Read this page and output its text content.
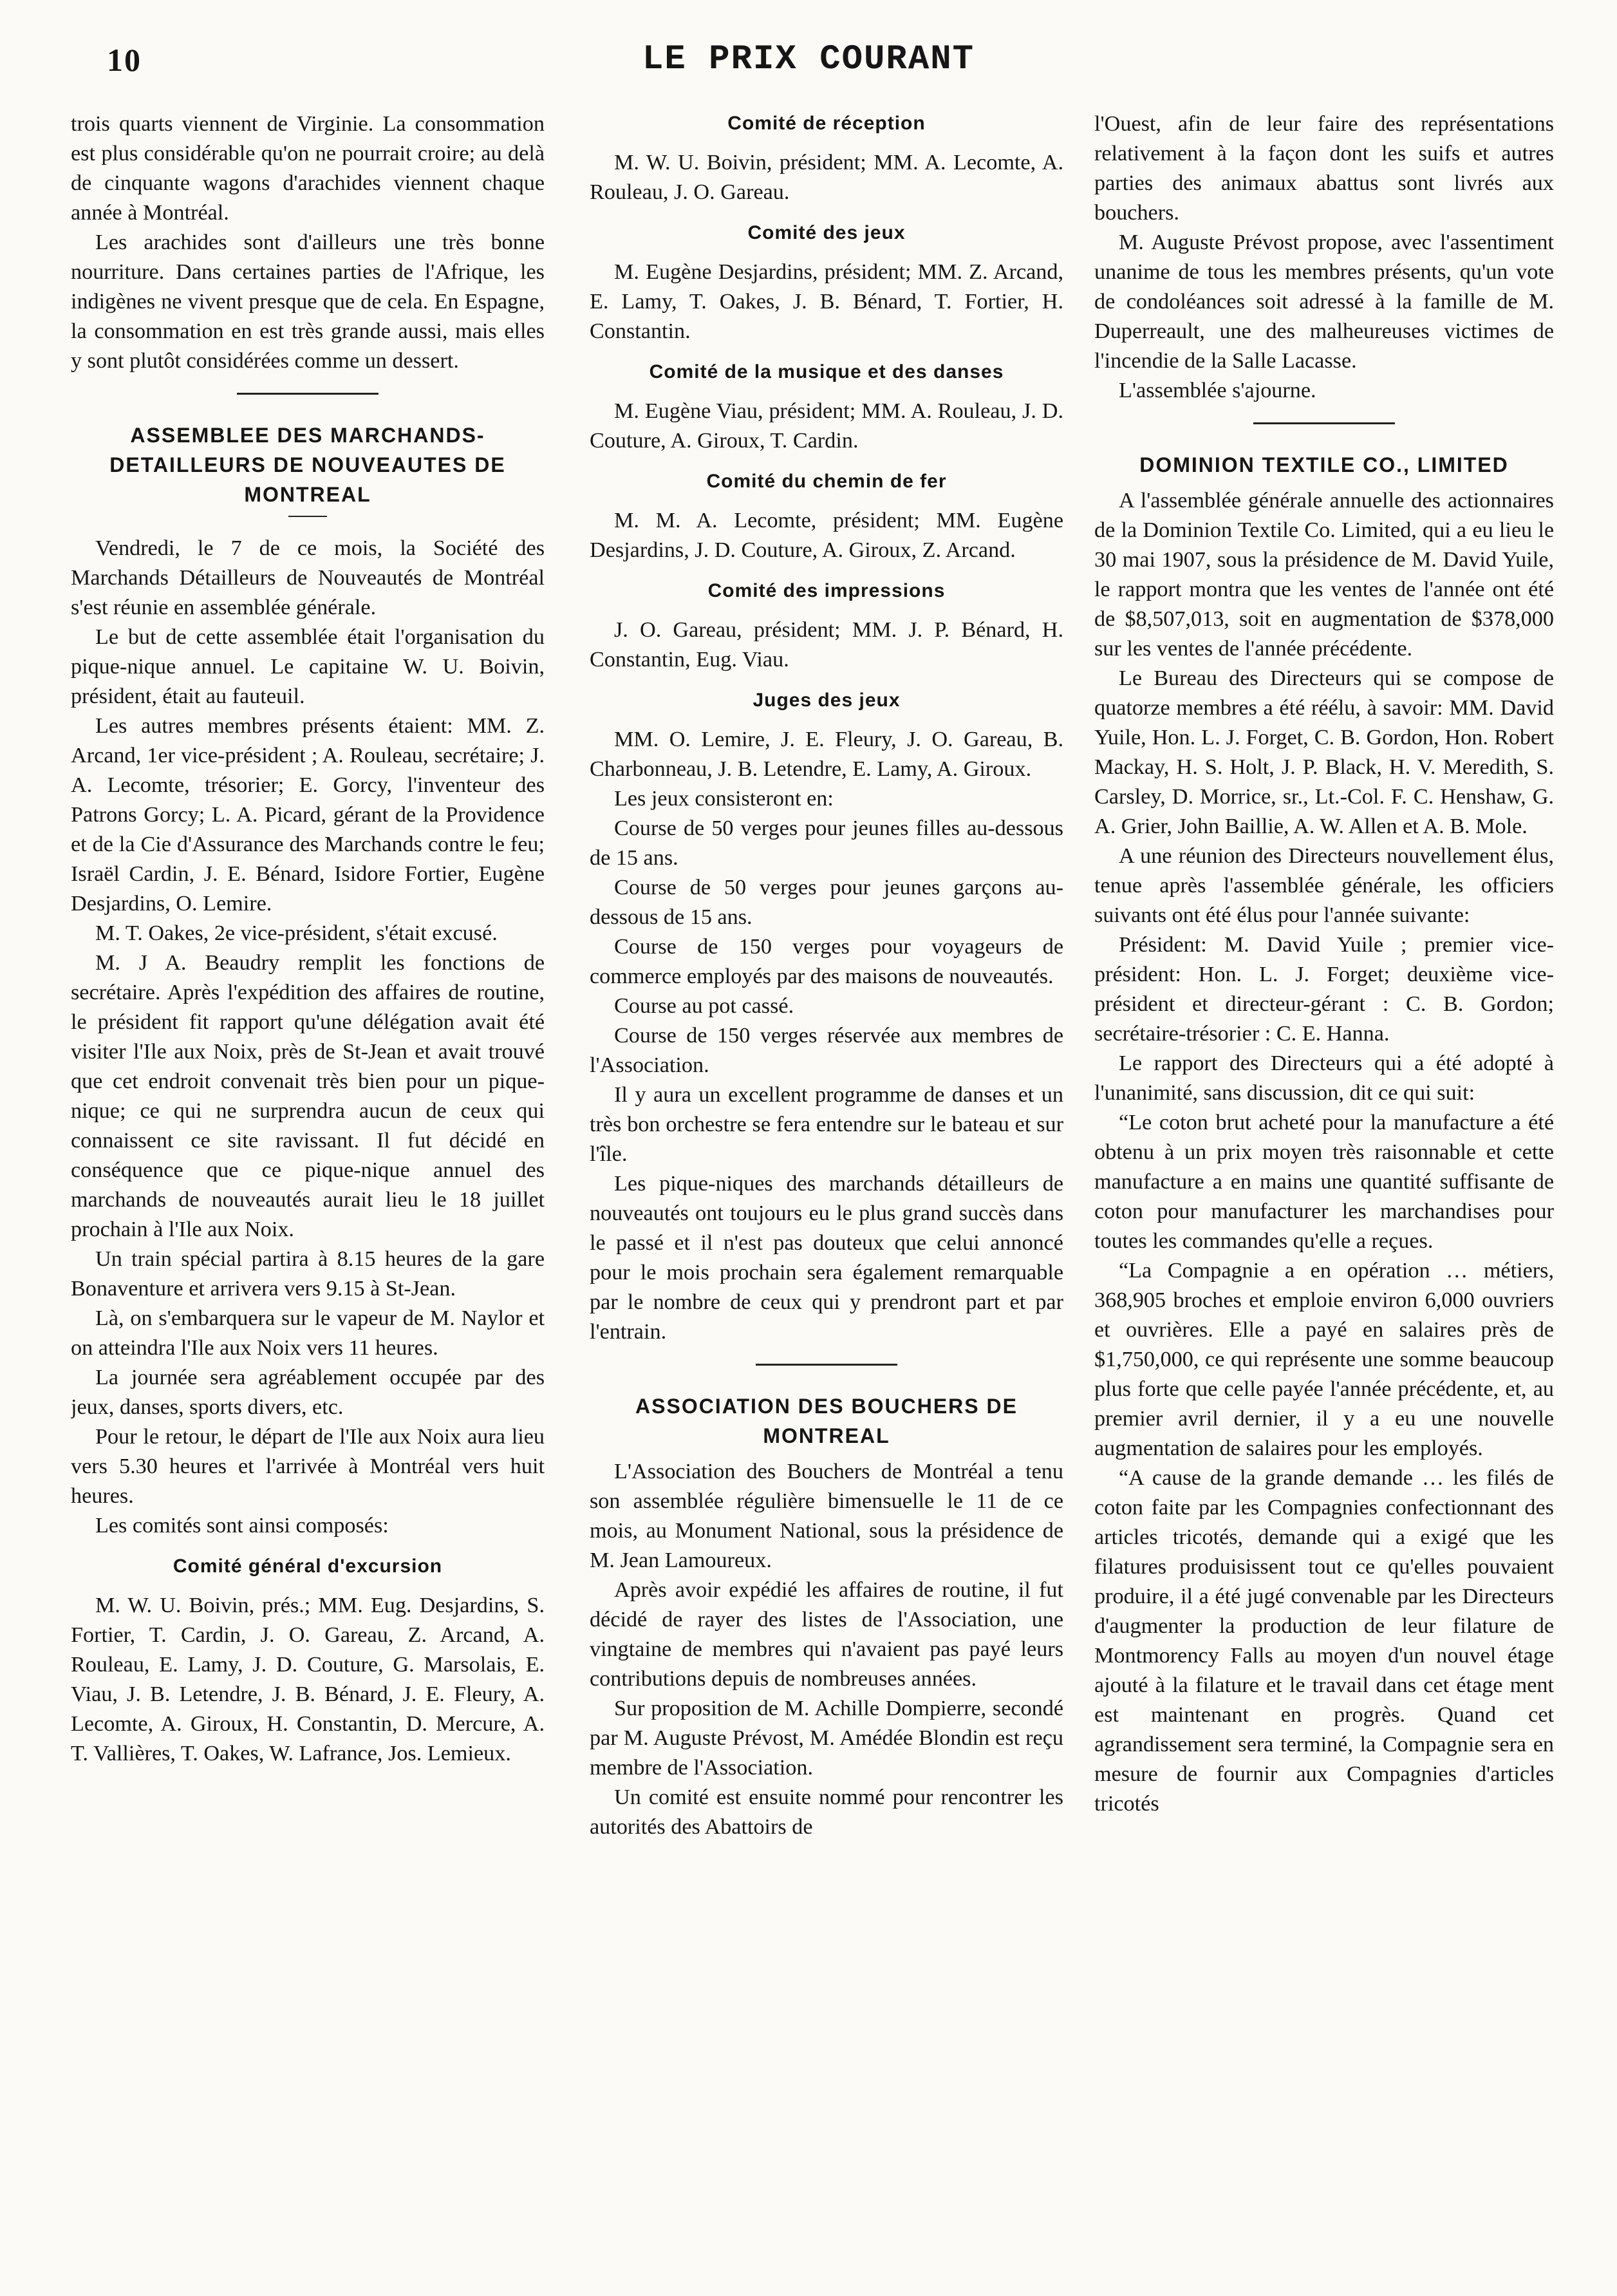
10	LE PRIX COURANT

trois quarts viennent de Virginie. La consommation est plus considérable qu'on ne pourrait croire; au delà de cinquante wagons d'arachides viennent chaque année à Montréal.

Les arachides sont d'ailleurs une très bonne nourriture. Dans certaines parties de l'Afrique, les indigènes ne vivent presque que de cela. En Espagne, la consommation en est très grande aussi, mais elles y sont plutôt considérées comme un dessert.

ASSEMBLEE DES MARCHANDS-DETAILLEURS DE NOUVEAUTES DE MONTREAL

Vendredi, le 7 de ce mois, la Société des Marchands Détailleurs de Nouveautés de Montréal s'est réunie en assemblée générale.

Le but de cette assemblée était l'organisation du pique-nique annuel. Le capitaine W. U. Boivin, président, était au fauteuil.

Les autres membres présents étaient: MM. Z. Arcand, 1er vice-président ; A. Rouleau, secrétaire; J. A. Lecomte, trésorier; E. Gorcy, l'inventeur des Patrons Gorcy; L. A. Picard, gérant de la Providence et de la Cie d'Assurance des Marchands contre le feu; Israël Cardin, J. E. Bénard, Isidore Fortier, Eugène Desjardins, O. Lemire.

M. T. Oakes, 2e vice-président, s'était excusé.

M. J A. Beaudry remplit les fonctions de secrétaire. Après l'expédition des affaires de routine, le président fit rapport qu'une délégation avait été visiter l'Ile aux Noix, près de St-Jean et avait trouvé que cet endroit convenait très bien pour un pique-nique; ce qui ne surprendra aucun de ceux qui connaissent ce site ravissant. Il fut décidé en conséquence que ce pique-nique annuel des marchands de nouveautés aurait lieu le 18 juillet prochain à l'Ile aux Noix.

Un train spécial partira à 8.15 heures de la gare Bonaventure et arrivera vers 9.15 à St-Jean.

Là, on s'embarquera sur le vapeur de M. Naylor et on atteindra l'Ile aux Noix vers 11 heures.

La journée sera agréablement occupée par des jeux, danses, sports divers, etc.

Pour le retour, le départ de l'Ile aux Noix aura lieu vers 5.30 heures et l'arrivée à Montréal vers huit heures.

Les comités sont ainsi composés:

Comité général d'excursion

M. W. U. Boivin, prés.; MM. Eug. Desjardins, S. Fortier, T. Cardin, J. O. Gareau, Z. Arcand, A. Rouleau, E. Lamy, J. D. Couture, G. Marsolais, E. Viau, J. B. Letendre, J. B. Bénard, J. E. Fleury, A. Lecomte, A. Giroux, H. Constantin, D. Mercure, A. T. Vallières, T. Oakes, W. Lafrance, Jos. Lemieux.

Comité de réception

M. W. U. Boivin, président; MM. A. Lecomte, A. Rouleau, J. O. Gareau.

Comité des jeux

M. Eugène Desjardins, président; MM. Z. Arcand, E. Lamy, T. Oakes, J. B. Bénard, T. Fortier, H. Constantin.

Comité de la musique et des danses

M. Eugène Viau, président; MM. A. Rouleau, J. D. Couture, A. Giroux, T. Cardin.

Comité du chemin de fer

M. M. A. Lecomte, président; MM. Eugène Desjardins, J. D. Couture, A. Giroux, Z. Arcand.

Comité des impressions

J. O. Gareau, président; MM. J. P. Bénard, H. Constantin, Eug. Viau.

Juges des jeux

MM. O. Lemire, J. E. Fleury, J. O. Gareau, B. Charbonneau, J. B. Letendre, E. Lamy, A. Giroux.

Les jeux consisteront en:

Course de 50 verges pour jeunes filles au-dessous de 15 ans.

Course de 50 verges pour jeunes garçons au-dessous de 15 ans.

Course de 150 verges pour voyageurs de commerce employés par des maisons de nouveautés.

Course au pot cassé.

Course de 150 verges réservée aux membres de l'Association.

Il y aura un excellent programme de danses et un très bon orchestre se fera entendre sur le bateau et sur l'île.

Les pique-niques des marchands détailleurs de nouveautés ont toujours eu le plus grand succès dans le passé et il n'est pas douteux que celui annoncé pour le mois prochain sera également remarquable par le nombre de ceux qui y prendront part et par l'entrain.

ASSOCIATION DES BOUCHERS DE MONTREAL

L'Association des Bouchers de Montréal a tenu son assemblée régulière bimensuelle le 11 de ce mois, au Monument National, sous la présidence de M. Jean Lamoureux.

Après avoir expédié les affaires de routine, il fut décidé de rayer des listes de l'Association, une vingtaine de membres qui n'avaient pas payé leurs contributions depuis de nombreuses années.

Sur proposition de M. Achille Dompierre, secondé par M. Auguste Prévost, M. Amédée Blondin est reçu membre de l'Association.

Un comité est ensuite nommé pour rencontrer les autorités des Abattoirs de

l'Ouest, afin de leur faire des représentations relativement à la façon dont les suifs et autres parties des animaux abattus sont livrés aux bouchers.

M. Auguste Prévost propose, avec l'assentiment unanime de tous les membres présents, qu'un vote de condoléances soit adressé à la famille de M. Duperreault, une des malheureuses victimes de l'incendie de la Salle Lacasse.

L'assemblée s'ajourne.

DOMINION TEXTILE CO., LIMITED

A l'assemblée générale annuelle des actionnaires de la Dominion Textile Co. Limited, qui a eu lieu le 30 mai 1907, sous la présidence de M. David Yuile, le rapport montra que les ventes de l'année ont été de $8,507,013, soit en augmentation de $378,000 sur les ventes de l'année précédente.

Le Bureau des Directeurs qui se compose de quatorze membres a été réélu, à savoir: MM. David Yuile, Hon. L. J. Forget, C. B. Gordon, Hon. Robert Mackay, H. S. Holt, J. P. Black, H. V. Meredith, S. Carsley, D. Morrice, sr., Lt.-Col. F. C. Henshaw, G. A. Grier, John Baillie, A. W. Allen et A. B. Mole.

A une réunion des Directeurs nouvellement élus, tenue après l'assemblée générale, les officiers suivants ont été élus pour l'année suivante:

Président: M. David Yuile ; premier vice-président: Hon. L. J. Forget; deuxième vice-président et directeur-gérant : C. B. Gordon; secrétaire-trésorier : C. E. Hanna.

Le rapport des Directeurs qui a été adopté à l'unanimité, sans discussion, dit ce qui suit:

“Le coton brut acheté pour la manufacture a été obtenu à un prix moyen très raisonnable et cette manufacture a en mains une quantité suffisante de coton pour manufacturer les marchandises pour toutes les commandes qu'elle a reçues.

“La Compagnie a en opération … métiers, 368,905 broches et emploie environ 6,000 ouvriers et ouvrières. Elle a payé en salaires près de $1,750,000, ce qui représente une somme beaucoup plus forte que celle payée l'année précédente, et, au premier avril dernier, il y a eu une nouvelle augmentation de salaires pour les employés.

“A cause de la grande demande … les filés de coton faite par les Compagnies confectionnant des articles tricotés, demande qui a exigé que les filatures produisissent tout ce qu'elles pouvaient produire, il a été jugé convenable par les Directeurs d'augmenter la production de leur filature de Montmorency Falls au moyen d'un nouvel étage ajouté à la filature et le travail dans cet étage ment est maintenant en progrès. Quand cet agrandissement sera terminé, la Compagnie sera en mesure de fournir aux Compagnies d'articles tricotés
